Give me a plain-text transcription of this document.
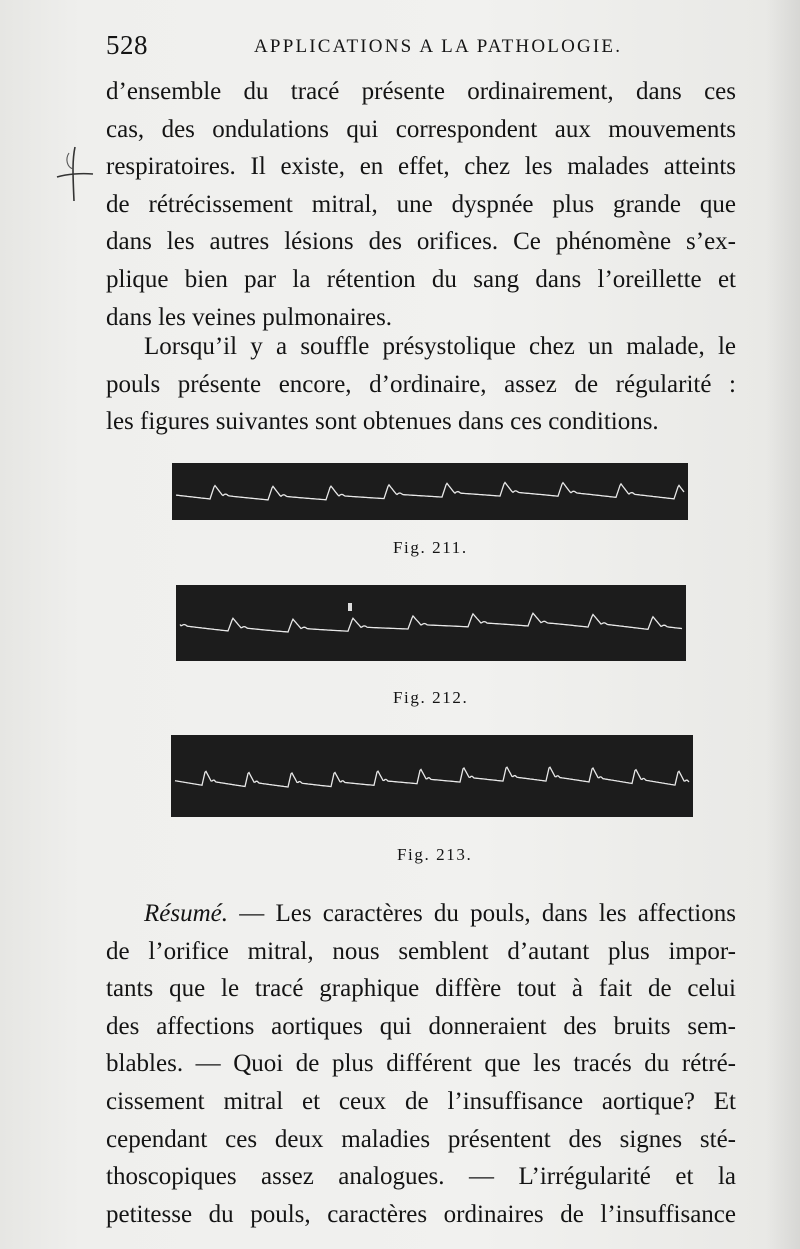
528	APPLICATIONS A LA PATHOLOGIE.

d’ensemble du tracé présente ordinairement, dans ces
cas, des ondulations qui correspondent aux mouvements
respiratoires. Il existe, en effet, chez les malades atteints
de rétrécissement mitral, une dyspnée plus grande que
dans les autres lésions des orifices. Ce phénomène s’ex-
plique bien par la rétention du sang dans l’oreillette et
dans les veines pulmonaires.

Lorsqu’il y a souffle présystolique chez un malade, le
pouls présente encore, d’ordinaire, assez de régularité :
les figures suivantes sont obtenues dans ces conditions.

Fig. 211.
Fig. 212.
Fig. 213.

Résumé. — Les caractères du pouls, dans les affections
de l’orifice mitral, nous semblent d’autant plus impor-
tants que le tracé graphique diffère tout à fait de celui
des affections aortiques qui donneraient des bruits sem-
blables. — Quoi de plus différent que les tracés du rétré-
cissement mitral et ceux de l’insuffisance aortique? Et
cependant ces deux maladies présentent des signes sté-
thoscopiques assez analogues. — L’irrégularité et la
petitesse du pouls, caractères ordinaires de l’insuffisance
